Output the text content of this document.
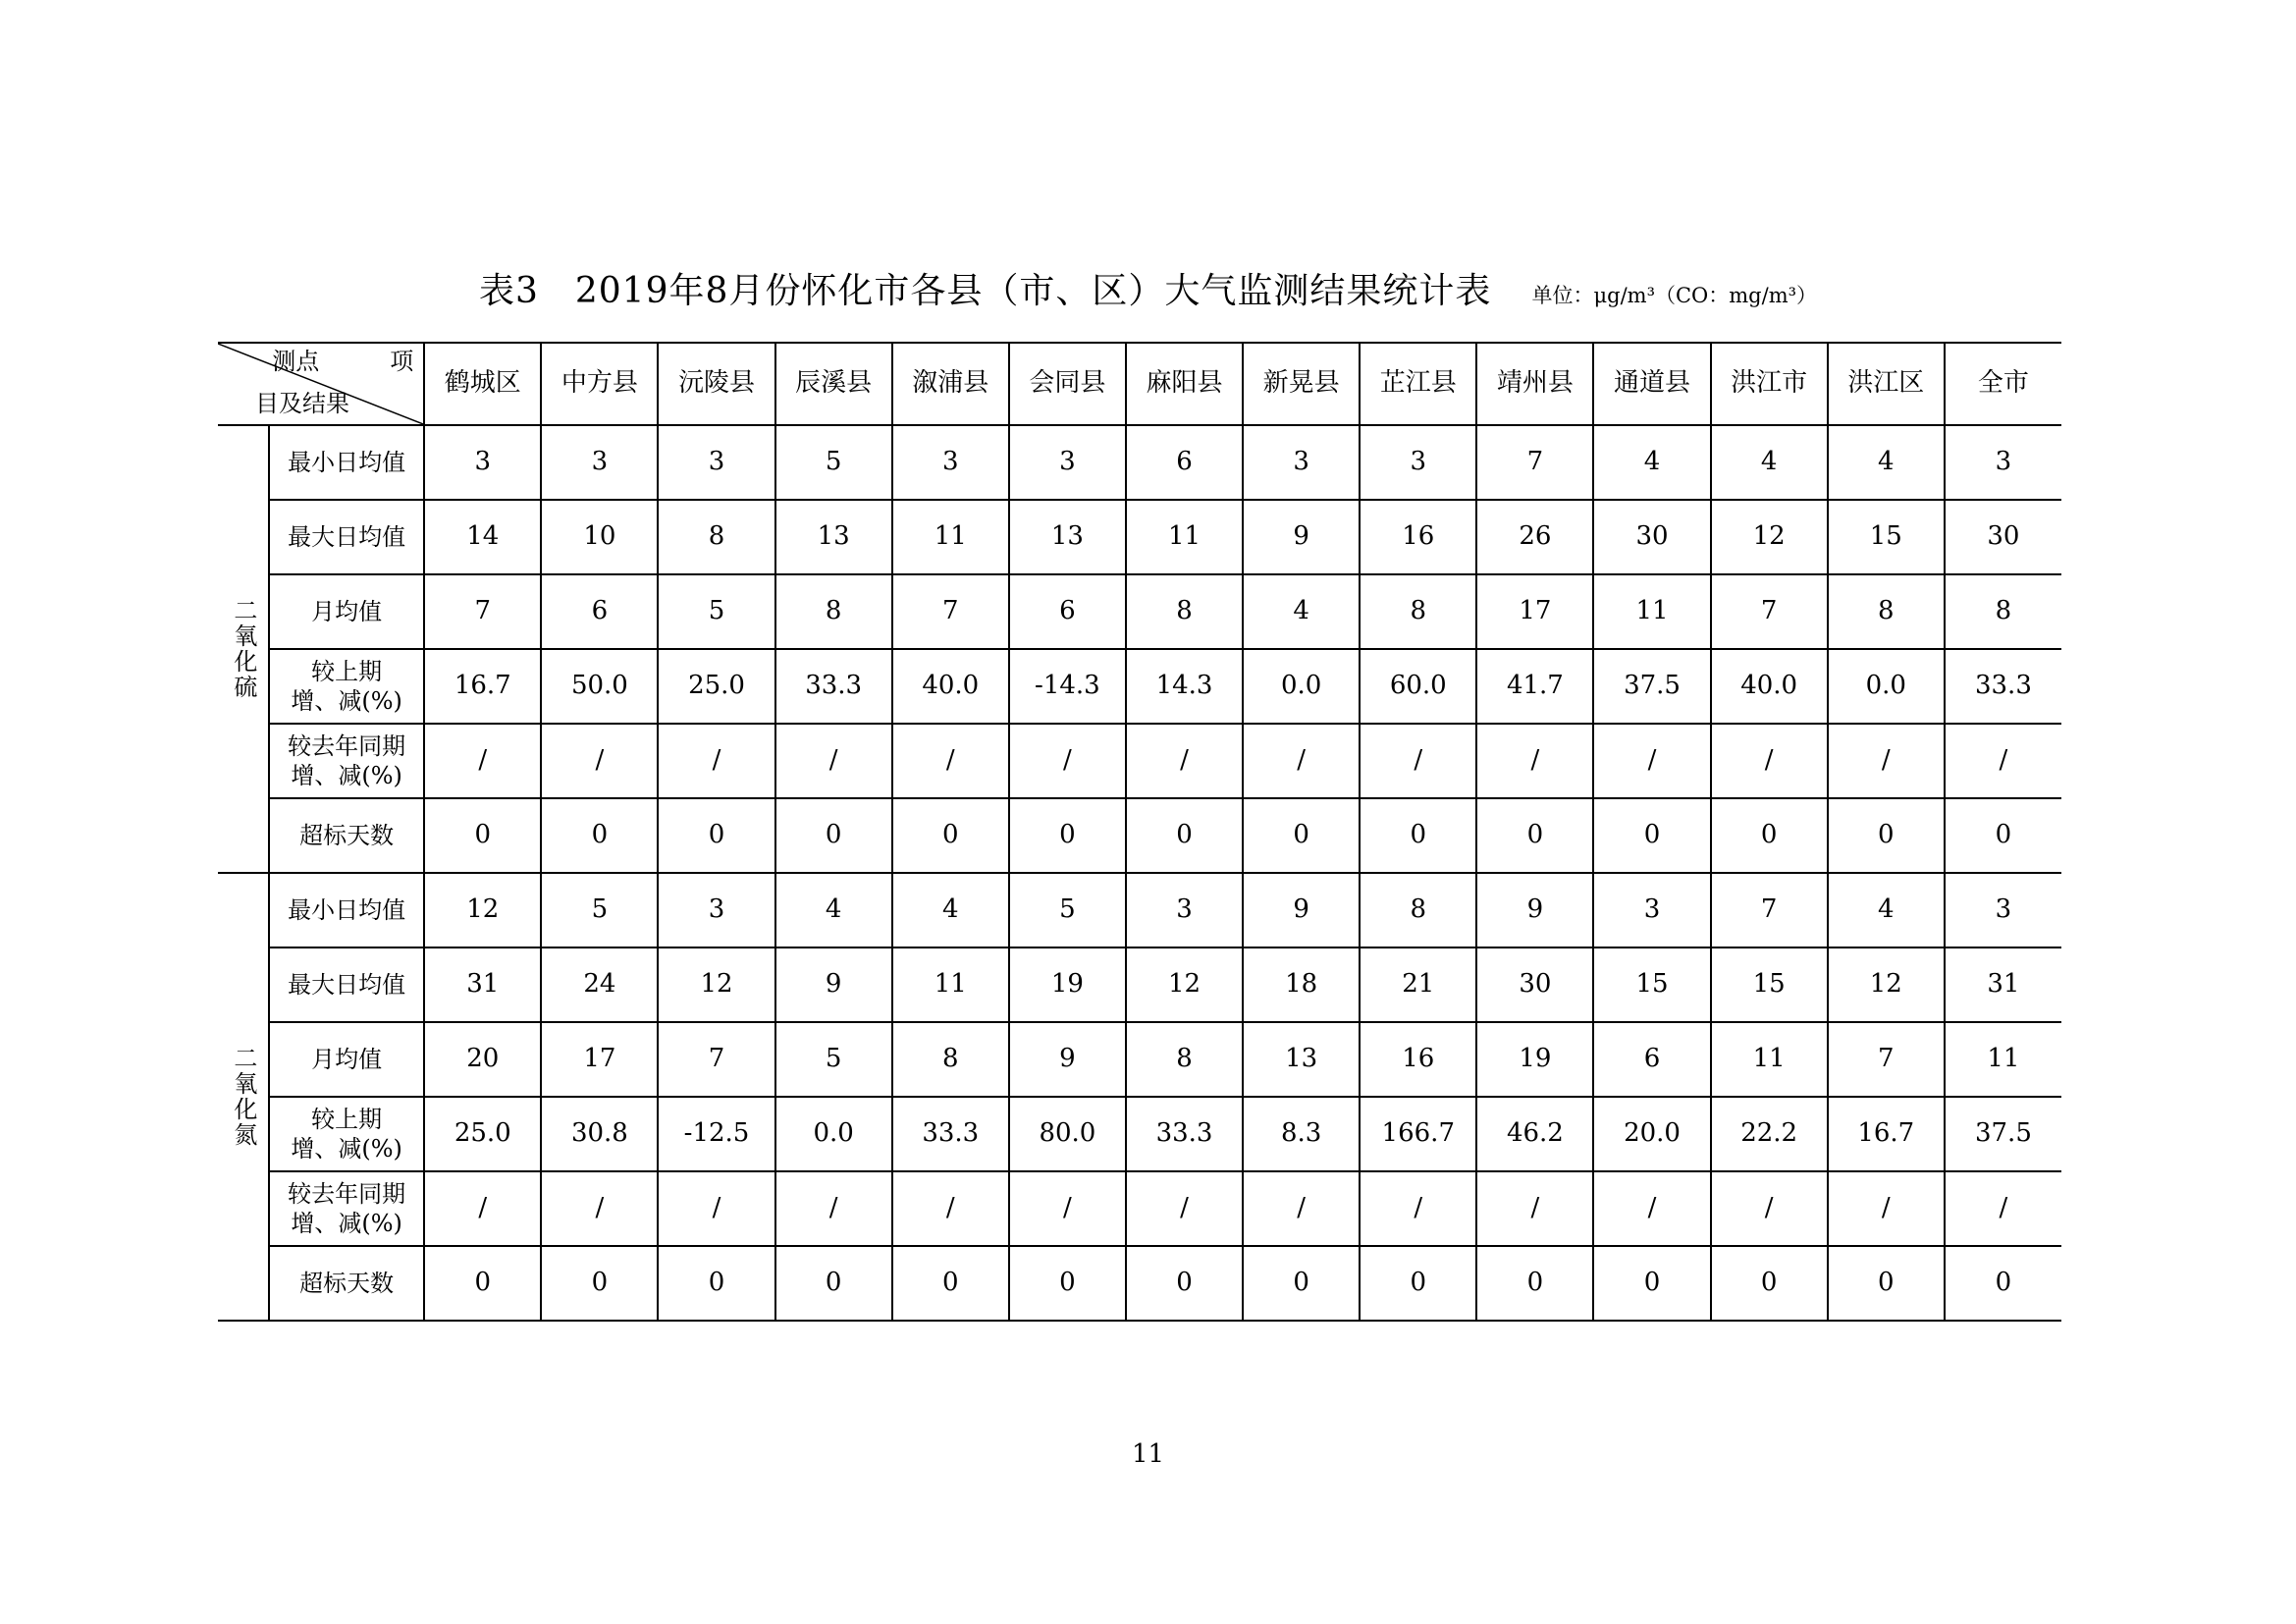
表3　2019年8月份怀化市各县（市、区）大气监测结果统计表 单位：μg/m³（CO：mg/m³）
测点　　　项
目及结果		鹤城区	中方县	沅陵县	辰溪县	溆浦县	会同县	麻阳县	新晃县	芷江县	靖州县	通道县	洪江市	洪江区	全市
二氧化硫	最小日均值	3	3	3	5	3	3	6	3	3	7	4	4	4	3
	最大日均值	14	10	8	13	11	13	11	9	16	26	30	12	15	30
	月均值	7	6	5	8	7	6	8	4	8	17	11	7	8	8
	较上期
增、减(%)	16.7	50.0	25.0	33.3	40.0	-14.3	14.3	0.0	60.0	41.7	37.5	40.0	0.0	33.3
	较去年同期
增、减(%)	/	/	/	/	/	/	/	/	/	/	/	/	/	/
	超标天数	0	0	0	0	0	0	0	0	0	0	0	0	0	0
二氧化氮	最小日均值	12	5	3	4	4	5	3	9	8	9	3	7	4	3
	最大日均值	31	24	12	9	11	19	12	18	21	30	15	15	12	31
	月均值	20	17	7	5	8	9	8	13	16	19	6	11	7	11
	较上期
增、减(%)	25.0	30.8	-12.5	0.0	33.3	80.0	33.3	8.3	166.7	46.2	20.0	22.2	16.7	37.5
	较去年同期
增、减(%)	/	/	/	/	/	/	/	/	/	/	/	/	/	/
	超标天数	0	0	0	0	0	0	0	0	0	0	0	0	0	0
11
